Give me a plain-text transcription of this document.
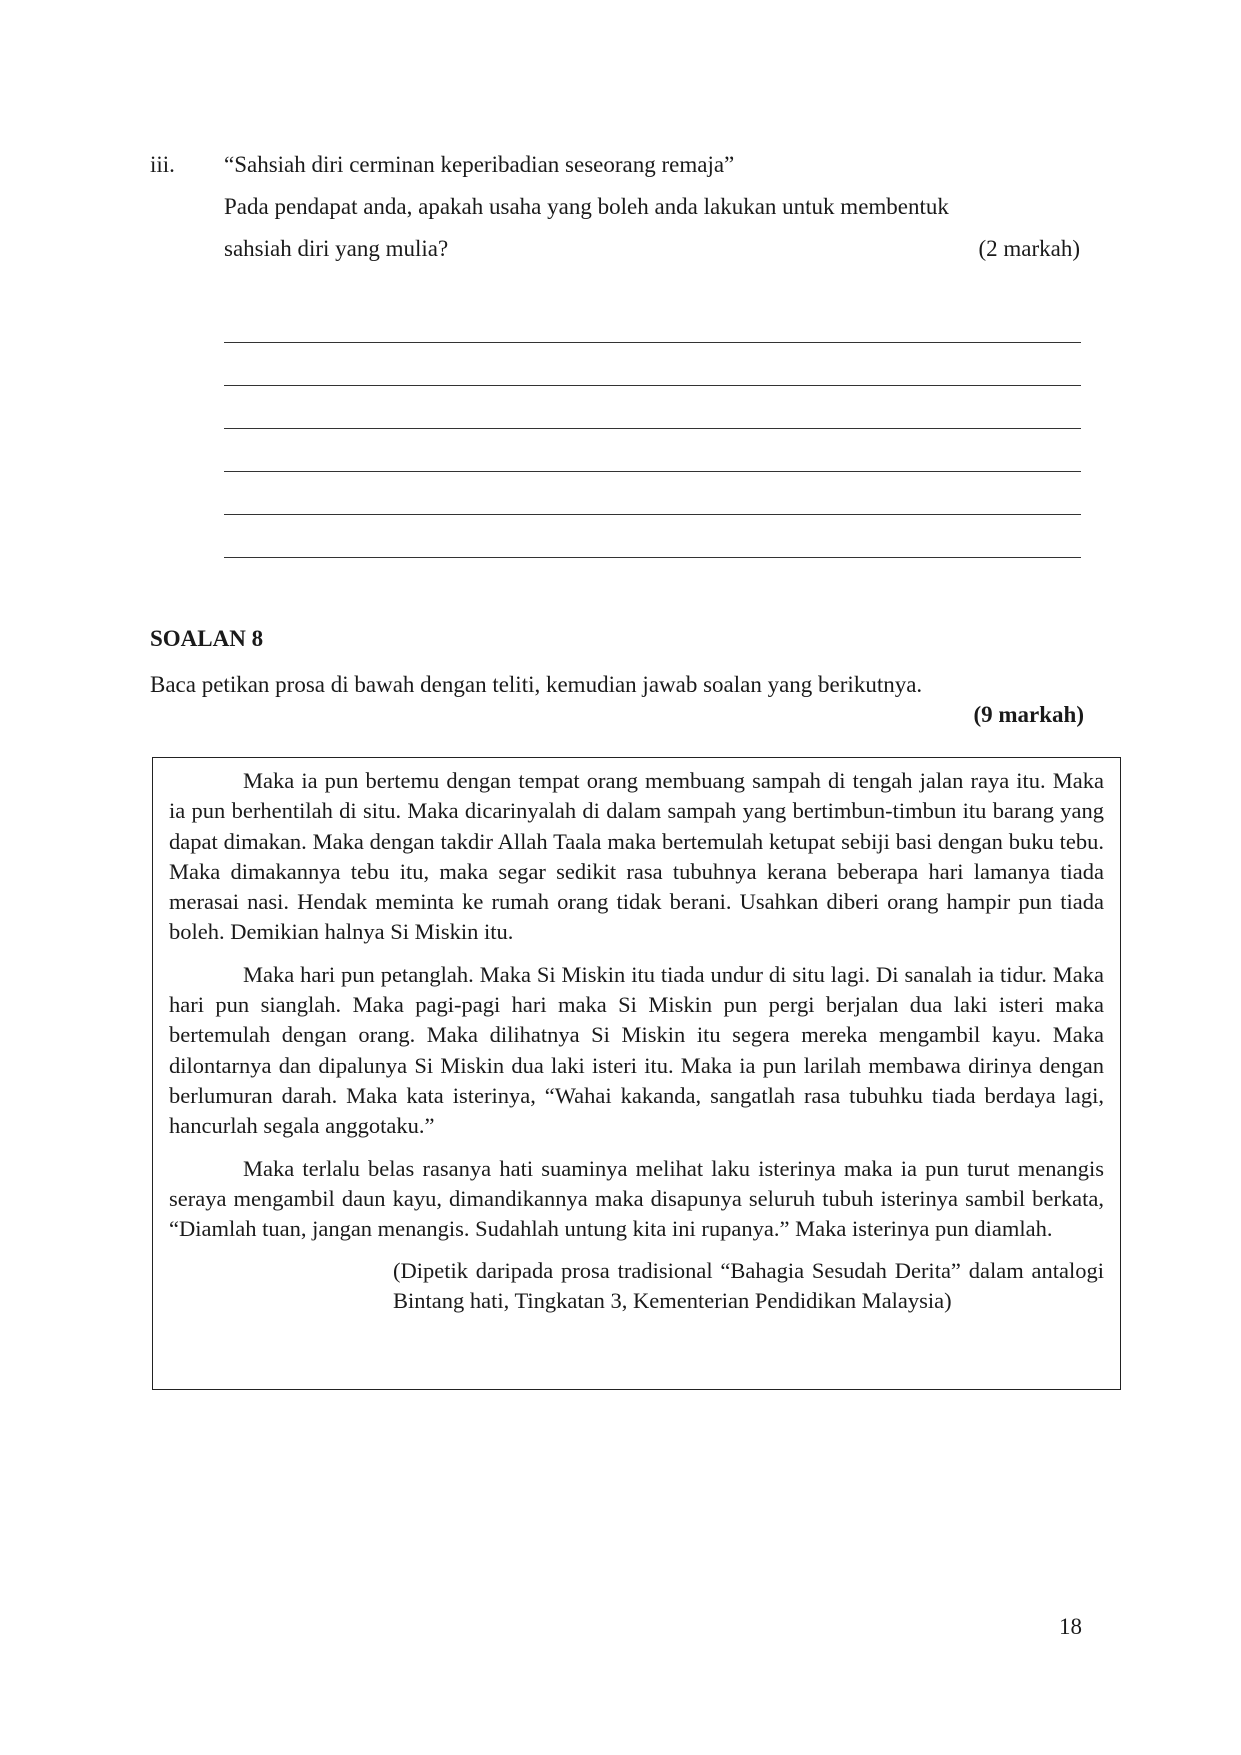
iii. “Sahsiah diri cerminan keperibadian seseorang remaja”
Pada pendapat anda, apakah usaha yang boleh anda lakukan untuk membentuk
sahsiah diri yang mulia?	(2 markah)
SOALAN 8
Baca petikan prosa di bawah dengan teliti, kemudian jawab soalan yang berikutnya.
(9 markah)

Maka ia pun bertemu dengan tempat orang membuang sampah di tengah jalan raya itu. Maka ia pun berhentilah di situ. Maka dicarinyalah di dalam sampah yang bertimbun-timbun itu barang yang dapat dimakan. Maka dengan takdir Allah Taala maka bertemulah ketupat sebiji basi dengan buku tebu. Maka dimakannya tebu itu, maka segar sedikit rasa tubuhnya kerana beberapa hari lamanya tiada merasai nasi. Hendak meminta ke rumah orang tidak berani. Usahkan diberi orang hampir pun tiada boleh. Demikian halnya Si Miskin itu.

Maka hari pun petanglah. Maka Si Miskin itu tiada undur di situ lagi. Di sanalah ia tidur. Maka hari pun sianglah. Maka pagi-pagi hari maka Si Miskin pun pergi berjalan dua laki isteri maka bertemulah dengan orang. Maka dilihatnya Si Miskin itu segera mereka mengambil kayu. Maka dilontarnya dan dipalunya Si Miskin dua laki isteri itu. Maka ia pun larilah membawa dirinya dengan berlumuran darah. Maka kata isterinya, “Wahai kakanda, sangatlah rasa tubuhku tiada berdaya lagi, hancurlah segala anggotaku.”

Maka terlalu belas rasanya hati suaminya melihat laku isterinya maka ia pun turut menangis seraya mengambil daun kayu, dimandikannya maka disapunya seluruh tubuh isterinya sambil berkata, “Diamlah tuan, jangan menangis. Sudahlah untung kita ini rupanya.” Maka isterinya pun diamlah.

(Dipetik daripada prosa tradisional “Bahagia Sesudah Derita” dalam antalogi Bintang hati, Tingkatan 3, Kementerian Pendidikan Malaysia)
18
